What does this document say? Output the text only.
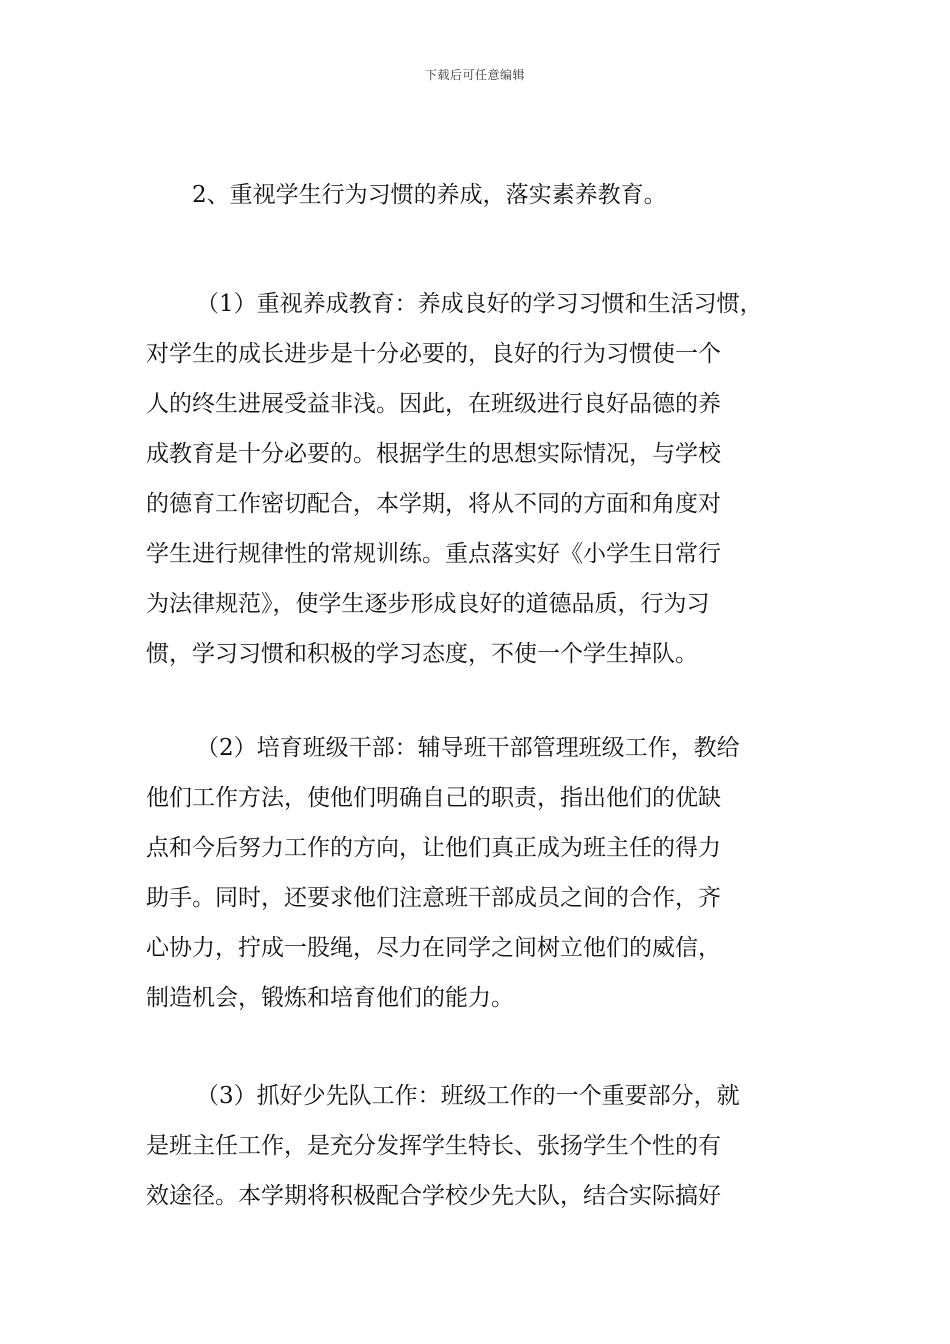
下载后可任意编辑
2、重视学生行为习惯的养成，落实素养教育。
（1）重视养成教育：养成良好的学习习惯和生活习惯，
对学生的成长进步是十分必要的，良好的行为习惯使一个
人的终生进展受益非浅。因此，在班级进行良好品德的养
成教育是十分必要的。根据学生的思想实际情况，与学校
的德育工作密切配合，本学期，将从不同的方面和角度对
学生进行规律性的常规训练。重点落实好《小学生日常行
为法律规范》，使学生逐步形成良好的道德品质，行为习
惯，学习习惯和积极的学习态度，不使一个学生掉队。
（2）培育班级干部：辅导班干部管理班级工作，教给
他们工作方法，使他们明确自己的职责，指出他们的优缺
点和今后努力工作的方向，让他们真正成为班主任的得力
助手。同时，还要求他们注意班干部成员之间的合作，齐
心协力，拧成一股绳，尽力在同学之间树立他们的威信，
制造机会，锻炼和培育他们的能力。
（3）抓好少先队工作：班级工作的一个重要部分，就
是班主任工作，是充分发挥学生特长、张扬学生个性的有
效途径。本学期将积极配合学校少先大队，结合实际搞好
